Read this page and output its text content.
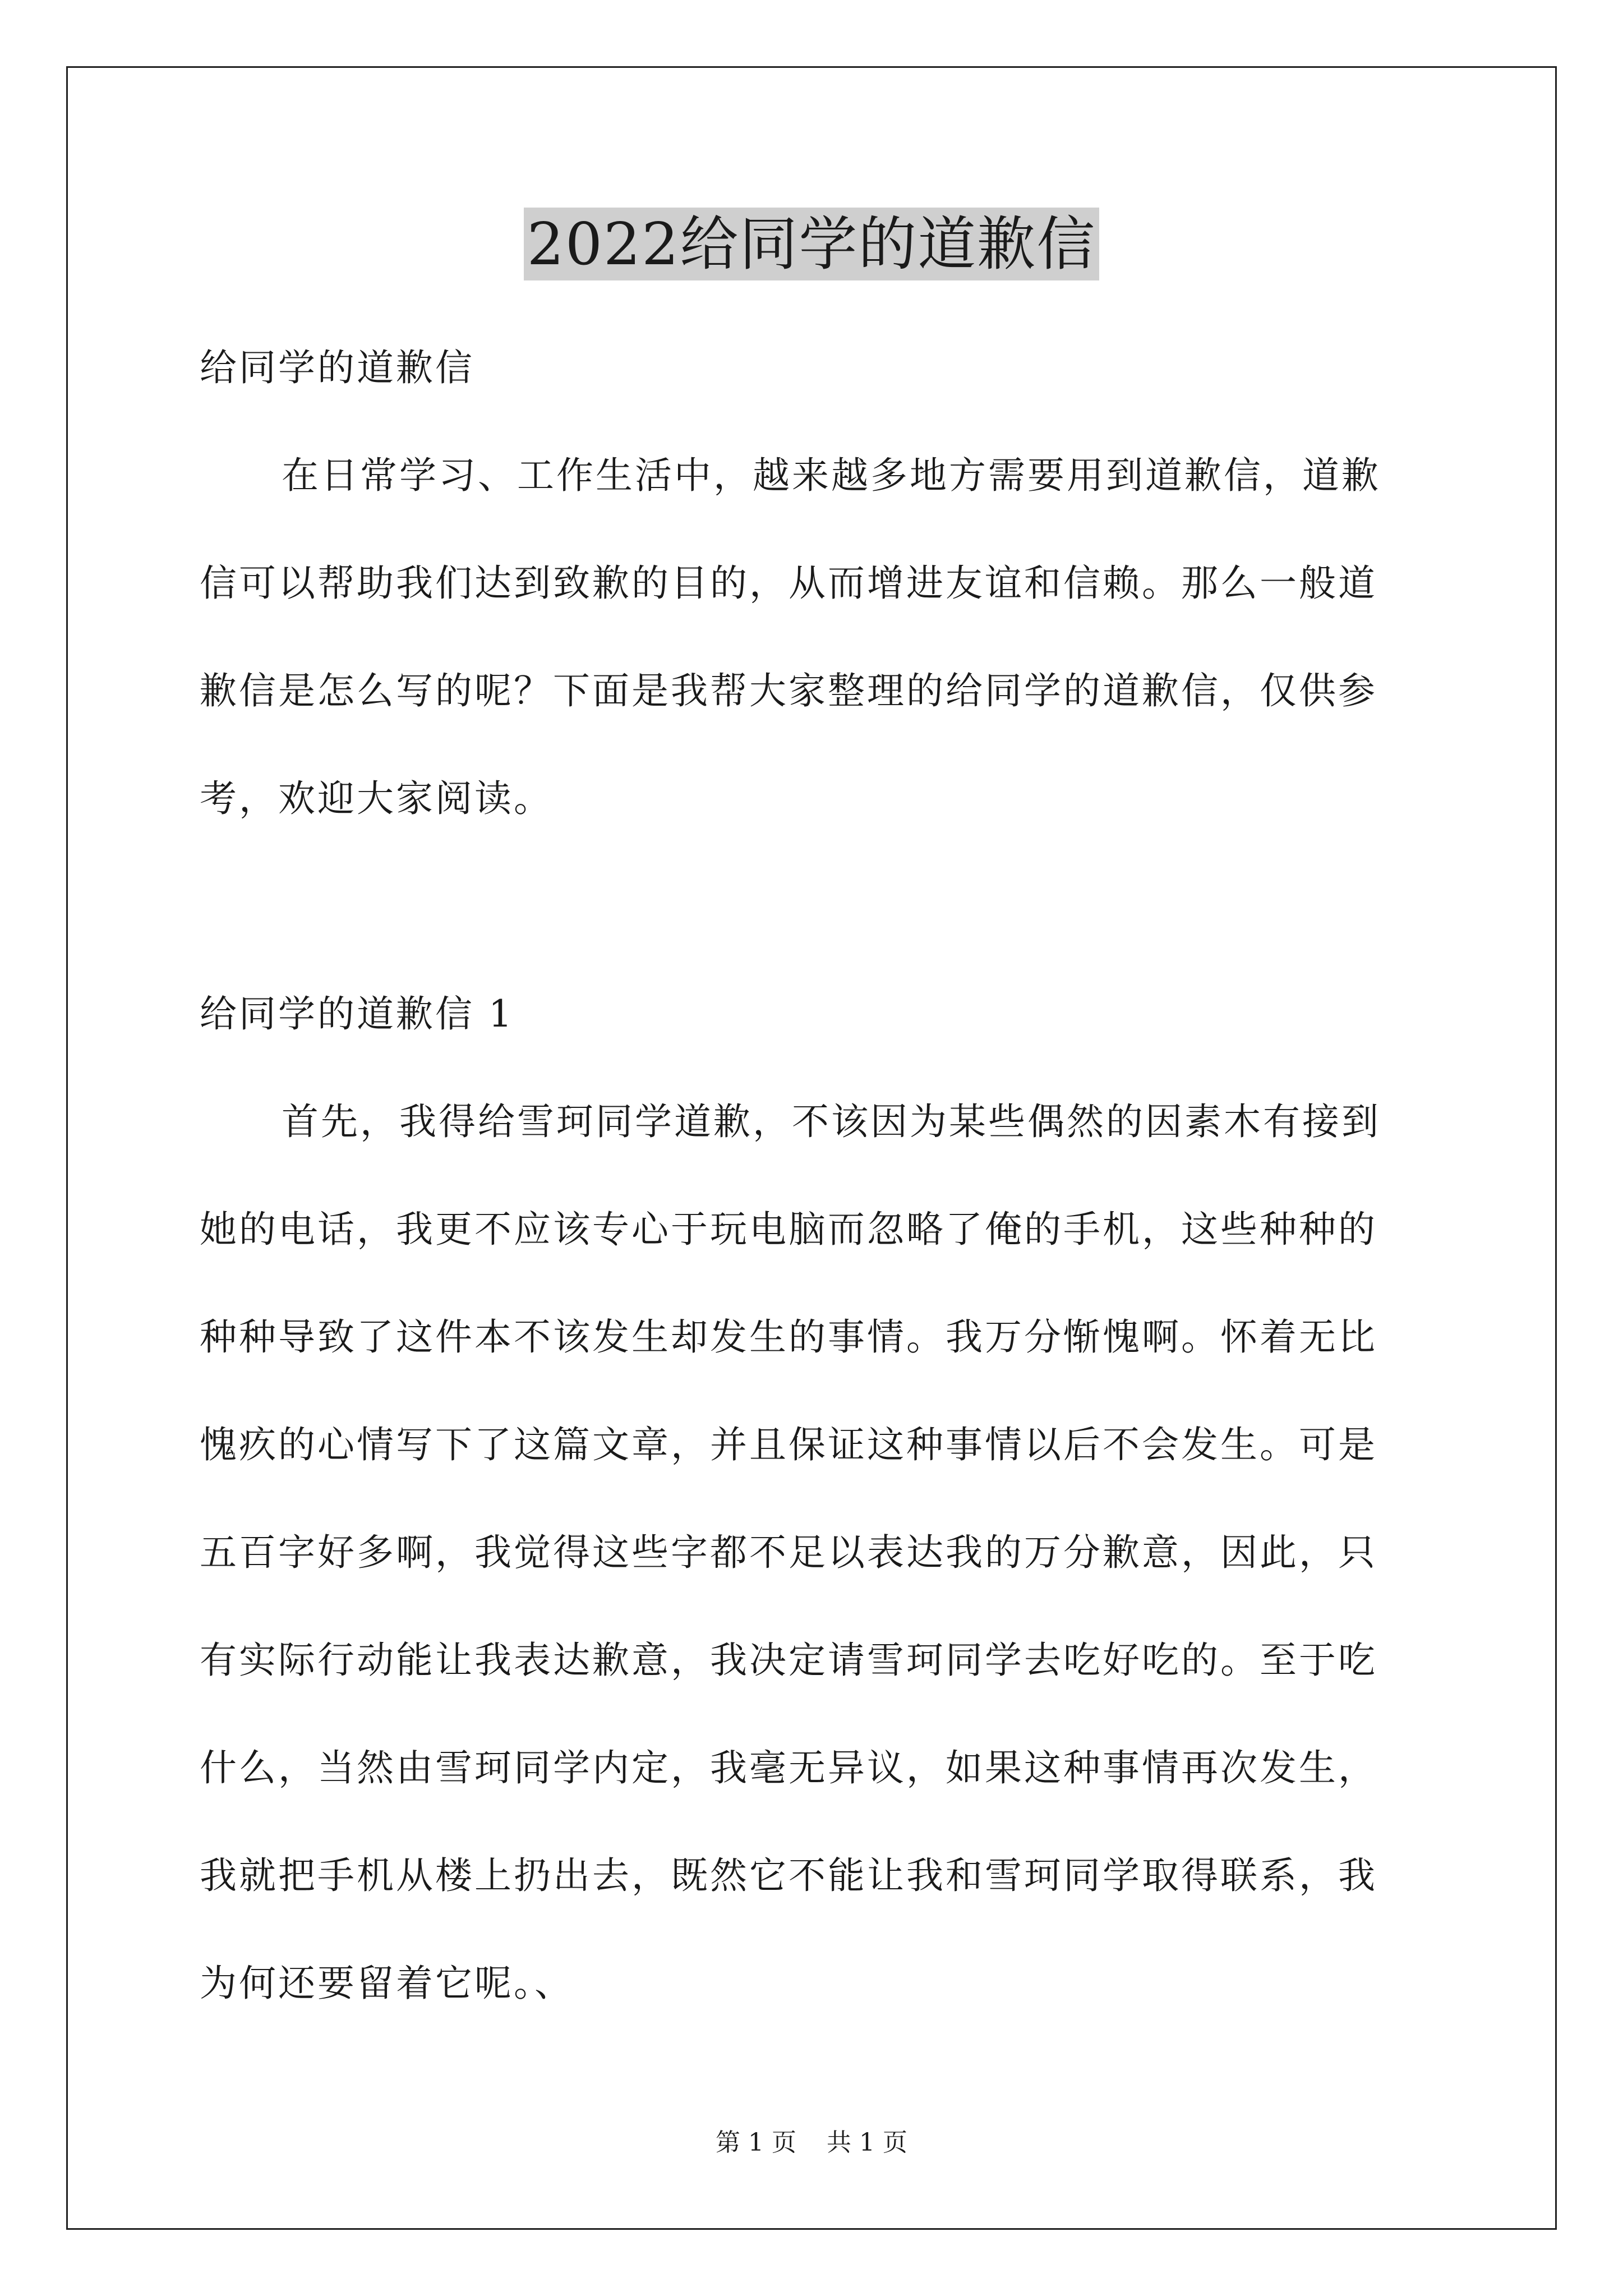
2022给同学的道歉信
给同学的道歉信
在日常学习、工作生活中，越来越多地方需要用到道歉信，道歉
信可以帮助我们达到致歉的目的，从而增进友谊和信赖。那么一般道
歉信是怎么写的呢？下面是我帮大家整理的给同学的道歉信，仅供参
考，欢迎大家阅读。
给同学的道歉信 1
首先，我得给雪珂同学道歉，不该因为某些偶然的因素木有接到
她的电话，我更不应该专心于玩电脑而忽略了俺的手机，这些种种的
种种导致了这件本不该发生却发生的事情。我万分惭愧啊。怀着无比
愧疚的心情写下了这篇文章，并且保证这种事情以后不会发生。可是
五百字好多啊，我觉得这些字都不足以表达我的万分歉意，因此，只
有实际行动能让我表达歉意，我决定请雪珂同学去吃好吃的。至于吃
什么，当然由雪珂同学内定，我毫无异议，如果这种事情再次发生，
我就把手机从楼上扔出去，既然它不能让我和雪珂同学取得联系，我
为何还要留着它呢。、
第 1 页 共 1 页
